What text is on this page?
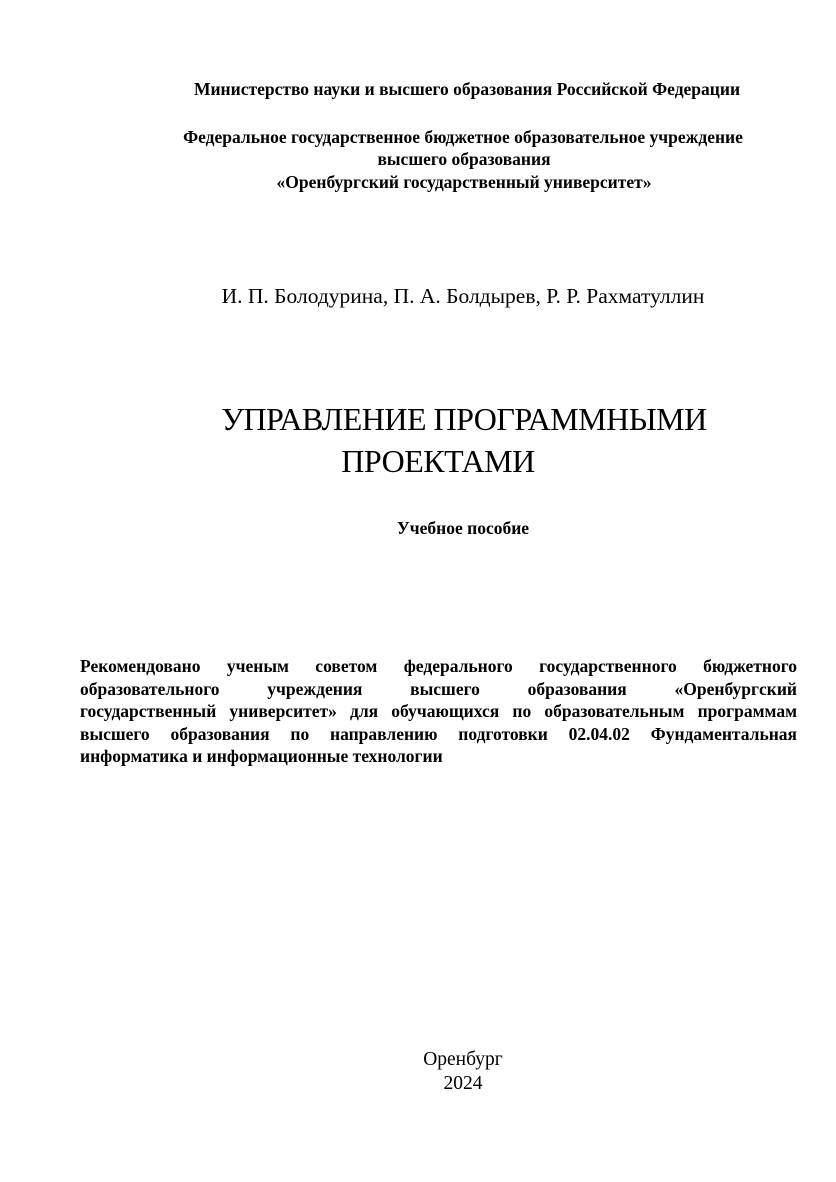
Министерство науки и высшего образования Российской Федерации
Федеральное государственное бюджетное образовательное учреждение
высшего образования
«Оренбургский государственный университет»
И. П. Болодурина, П. А. Болдырев, Р. Р. Рахматуллин
УПРАВЛЕНИЕ ПРОГРАММНЫМИ
ПРОЕКТАМИ
Учебное пособие
Рекомендовано ученым советом федерального государственного бюджетного
образовательного учреждения высшего образования «Оренбургский
государственный университет» для обучающихся по образовательным программам
высшего образования по направлению подготовки 02.04.02 Фундаментальная
информатика и информационные технологии
Оренбург
2024
